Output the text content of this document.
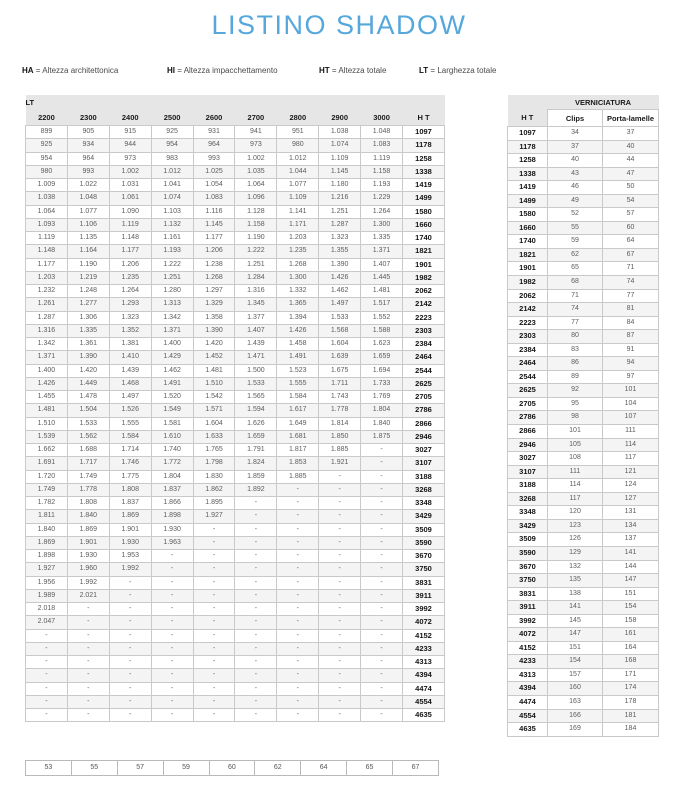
LISTINO SHADOW
HA = Altezza architettonica	HI = Altezza impacchettamento	HT = Altezza totale	LT = Larghezza totale
LT									
2200	2300	2400	2500	2600	2700	2800	2900	3000	H T
899	905	915	925	931	941	951	1.038	1.048	1097
925	934	944	954	964	973	980	1.074	1.083	1178
954	964	973	983	993	1.002	1.012	1.109	1.119	1258
980	993	1.002	1.012	1.025	1.035	1.044	1.145	1.158	1338
1.009	1.022	1.031	1.041	1.054	1.064	1.077	1.180	1.193	1419
1.038	1.048	1.061	1.074	1.083	1.096	1.109	1.216	1.229	1499
1.064	1.077	1.090	1.103	1.116	1.128	1.141	1.251	1.264	1580
1.093	1.106	1.119	1.132	1.145	1.158	1.171	1.287	1.300	1660
1.119	1.135	1.148	1.161	1.177	1.190	1.203	1.323	1.335	1740
1.148	1.164	1.177	1.193	1.206	1.222	1.235	1.355	1.371	1821
1.177	1.190	1.206	1.222	1.238	1.251	1.268	1.390	1.407	1901
1.203	1.219	1.235	1.251	1.268	1.284	1.300	1.426	1.445	1982
1.232	1.248	1.264	1.280	1.297	1.316	1.332	1.462	1.481	2062
1.261	1.277	1.293	1.313	1.329	1.345	1.365	1.497	1.517	2142
1.287	1.306	1.323	1.342	1.358	1.377	1.394	1.533	1.552	2223
1.316	1.335	1.352	1.371	1.390	1.407	1.426	1.568	1.588	2303
1.342	1.361	1.381	1.400	1.420	1.439	1.458	1.604	1.623	2384
1.371	1.390	1.410	1.429	1.452	1.471	1.491	1.639	1.659	2464
1.400	1.420	1.439	1.462	1.481	1.500	1.523	1.675	1.694	2544
1.426	1.449	1.468	1.491	1.510	1.533	1.555	1.711	1.733	2625
1.455	1.478	1.497	1.520	1.542	1.565	1.584	1.743	1.769	2705
1.481	1.504	1.526	1.549	1.571	1.594	1.617	1.778	1.804	2786
1.510	1.533	1.555	1.581	1.604	1.626	1.649	1.814	1.840	2866
1.539	1.562	1.584	1.610	1.633	1.659	1.681	1.850	1.875	2946
1.662	1.688	1.714	1.740	1.765	1.791	1.817	1.885	-	3027
1.691	1.717	1.746	1.772	1.798	1.824	1.853	1.921	-	3107
1.720	1.749	1.775	1.804	1.830	1.859	1.885	-	-	3188
1.749	1.778	1.808	1.837	1.862	1.892	-	-	-	3268
1.782	1.808	1.837	1.866	1.895	-	-	-	-	3348
1.811	1.840	1.869	1.898	1.927	-	-	-	-	3429
1.840	1.869	1.901	1.930	-	-	-	-	-	3509
1.869	1.901	1.930	1.963	-	-	-	-	-	3590
1.898	1.930	1.953	-	-	-	-	-	-	3670
1.927	1.960	1.992	-	-	-	-	-	-	3750
1.956	1.992	-	-	-	-	-	-	-	3831
1.989	2.021	-	-	-	-	-	-	-	3911
2.018	-	-	-	-	-	-	-	-	3992
2.047	-	-	-	-	-	-	-	-	4072
-	-	-	-	-	-	-	-	-	4152
-	-	-	-	-	-	-	-	-	4233
-	-	-	-	-	-	-	-	-	4313
-	-	-	-	-	-	-	-	-	4394
-	-	-	-	-	-	-	-	-	4474
-	-	-	-	-	-	-	-	-	4554
-	-	-	-	-	-	-	-	-	4635
	VERNICIATURA	
H T	Clips	Porta-lamelle
1097	34	37
1178	37	40
1258	40	44
1338	43	47
1419	46	50
1499	49	54
1580	52	57
1660	55	60
1740	59	64
1821	62	67
1901	65	71
1982	68	74
2062	71	77
2142	74	81
2223	77	84
2303	80	87
2384	83	91
2464	86	94
2544	89	97
2625	92	101
2705	95	104
2786	98	107
2866	101	111
2946	105	114
3027	108	117
3107	111	121
3188	114	124
3268	117	127
3348	120	131
3429	123	134
3509	126	137
3590	129	141
3670	132	144
3750	135	147
3831	138	151
3911	141	154
3992	145	158
4072	147	161
4152	151	164
4233	154	168
4313	157	171
4394	160	174
4474	163	178
4554	166	181
4635	169	184
53	55	57	59	60	62	64	65	67
